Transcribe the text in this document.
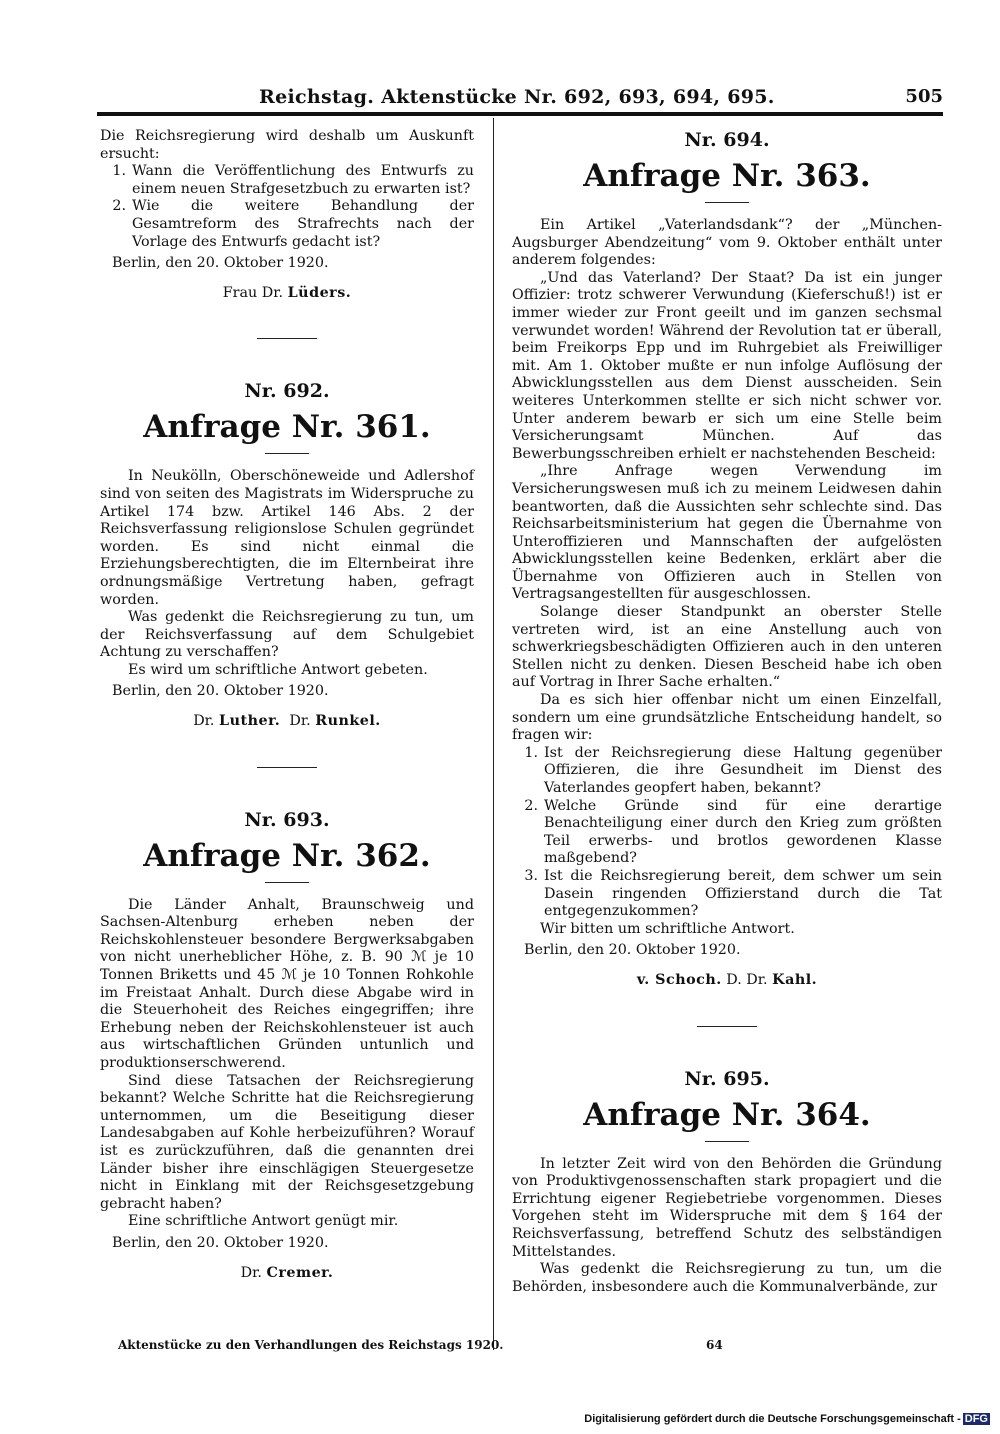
Reichstag. Aktenstücke Nr. 692, 693, 694, 695.	505

Die Reichsregierung wird deshalb um Auskunft ersucht:

1. Wann die Veröffentlichung des Entwurfs zu einem neuen Strafgesetzbuch zu erwarten ist?
2. Wie die weitere Behandlung der Gesamtreform des Strafrechts nach der Vorlage des Entwurfs gedacht ist?

Berlin, den 20. Oktober 1920.

Frau Dr. Lüders.
Nr. 692.
Anfrage Nr. 361.

In Neukölln, Oberschöneweide und Adlershof sind von seiten des Magistrats im Widerspruche zu Artikel 174 bzw. Artikel 146 Abs. 2 der Reichsverfassung religionslose Schulen gegründet worden. Es sind nicht einmal die Erziehungsberechtigten, die im Elternbeirat ihre ordnungsmäßige Vertretung haben, gefragt worden.

Was gedenkt die Reichsregierung zu tun, um der Reichsverfassung auf dem Schulgebiet Achtung zu verschaffen?

Es wird um schriftliche Antwort gebeten.

Berlin, den 20. Oktober 1920.

Dr. Luther. Dr. Runkel.
Nr. 693.
Anfrage Nr. 362.

Die Länder Anhalt, Braunschweig und Sachsen-Altenburg erheben neben der Reichskohlensteuer besondere Bergwerksabgaben von nicht unerheblicher Höhe, z. B. 90 ℳ je 10 Tonnen Briketts und 45 ℳ je 10 Tonnen Rohkohle im Freistaat Anhalt. Durch diese Abgabe wird in die Steuerhoheit des Reiches eingegriffen; ihre Erhebung neben der Reichskohlensteuer ist auch aus wirtschaftlichen Gründen untunlich und produktionserschwerend.

Sind diese Tatsachen der Reichsregierung bekannt? Welche Schritte hat die Reichsregierung unternommen, um die Beseitigung dieser Landesabgaben auf Kohle herbeizuführen? Worauf ist es zurückzuführen, daß die genannten drei Länder bisher ihre einschlägigen Steuergesetze nicht in Einklang mit der Reichsgesetzgebung gebracht haben?

Eine schriftliche Antwort genügt mir.

Berlin, den 20. Oktober 1920.

Dr. Cremer.
Nr. 694.
Anfrage Nr. 363.

Ein Artikel „Vaterlandsdank“? der „München-Augsburger Abendzeitung“ vom 9. Oktober enthält unter anderem folgendes:

„Und das Vaterland? Der Staat? Da ist ein junger Offizier: trotz schwerer Verwundung (Kieferschuß!) ist er immer wieder zur Front geeilt und im ganzen sechsmal verwundet worden! Während der Revolution tat er überall, beim Freikorps Epp und im Ruhrgebiet als Freiwilliger mit. Am 1. Oktober mußte er nun infolge Auflösung der Abwicklungsstellen aus dem Dienst ausscheiden. Sein weiteres Unterkommen stellte er sich nicht schwer vor. Unter anderem bewarb er sich um eine Stelle beim Versicherungsamt München. Auf das Bewerbungsschreiben erhielt er nachstehenden Bescheid:

„Ihre Anfrage wegen Verwendung im Versicherungswesen muß ich zu meinem Leidwesen dahin beantworten, daß die Aussichten sehr schlechte sind. Das Reichsarbeitsministerium hat gegen die Übernahme von Unteroffizieren und Mannschaften der aufgelösten Abwicklungsstellen keine Bedenken, erklärt aber die Übernahme von Offizieren auch in Stellen von Vertragsangestellten für ausgeschlossen.

Solange dieser Standpunkt an oberster Stelle vertreten wird, ist an eine Anstellung auch von schwerkriegsbeschädigten Offizieren auch in den unteren Stellen nicht zu denken. Diesen Bescheid habe ich oben auf Vortrag in Ihrer Sache erhalten.“

Da es sich hier offenbar nicht um einen Einzelfall, sondern um eine grundsätzliche Entscheidung handelt, so fragen wir:

1. Ist der Reichsregierung diese Haltung gegenüber Offizieren, die ihre Gesundheit im Dienst des Vaterlandes geopfert haben, bekannt?
2. Welche Gründe sind für eine derartige Benachteiligung einer durch den Krieg zum größten Teil erwerbs- und brotlos gewordenen Klasse maßgebend?
3. Ist die Reichsregierung bereit, dem schwer um sein Dasein ringenden Offizierstand durch die Tat entgegenzukommen?

Wir bitten um schriftliche Antwort.

Berlin, den 20. Oktober 1920.

v. Schoch. D. Dr. Kahl.
Nr. 695.
Anfrage Nr. 364.

In letzter Zeit wird von den Behörden die Gründung von Produktivgenossenschaften stark propagiert und die Errichtung eigener Regiebetriebe vorgenommen. Dieses Vorgehen steht im Widerspruche mit dem § 164 der Reichsverfassung, betreffend Schutz des selbständigen Mittelstandes.

Was gedenkt die Reichsregierung zu tun, um die Behörden, insbesondere auch die Kommunalverbände, zur

Aktenstücke zu den Verhandlungen des Reichstags 1920.	64
Digitalisierung gefördert durch die Deutsche Forschungsgemeinschaft - DFG
